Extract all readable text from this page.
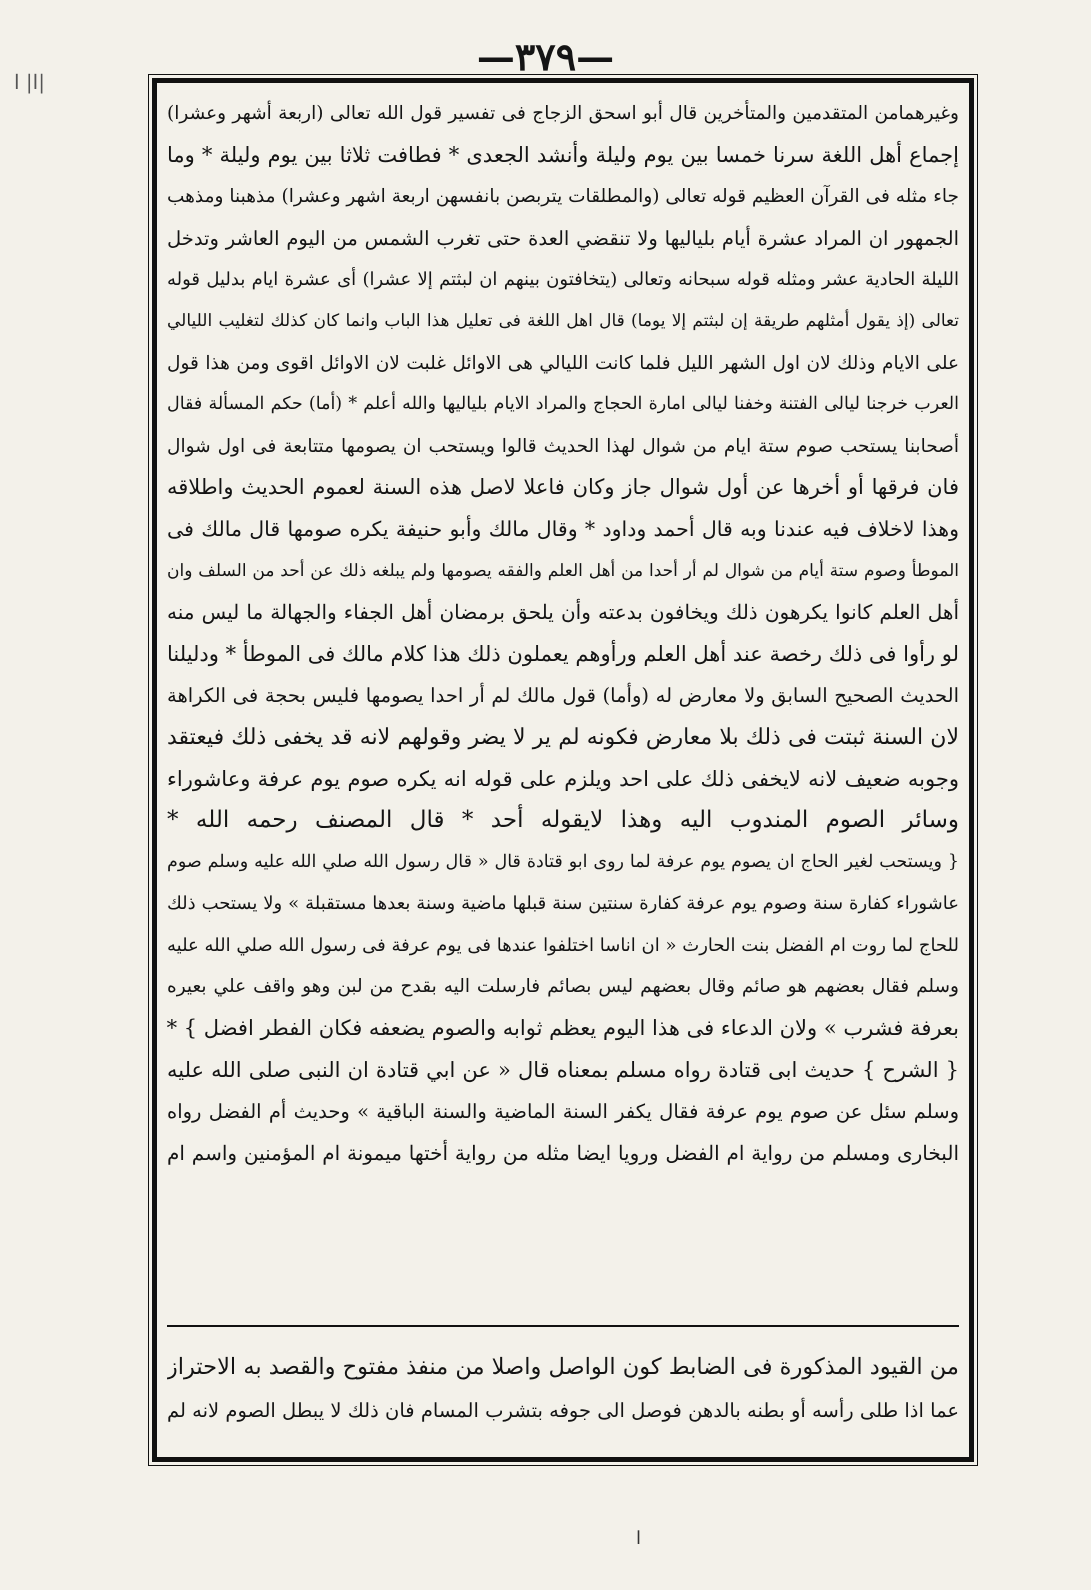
ا| ا|
—٣٧٩—
وغيرهمامن المتقدمين والمتأخرين قال أبو اسحق الزجاج فى تفسير قول الله تعالى (اربعة أشهر وعشرا)
إجماع أهل اللغة سرنا خمسا بين يوم وليلة وأنشد الجعدى * فطافت ثلاثا بين يوم وليلة * وما
جاء مثله فى القرآن العظيم قوله تعالى (والمطلقات يتربصن بانفسهن اربعة اشهر وعشرا) مذهبنا ومذهب
الجمهور ان المراد عشرة أيام بلياليها ولا تنقضي العدة حتى تغرب الشمس من اليوم العاشر وتدخل
الليلة الحادية عشر ومثله قوله سبحانه وتعالى (يتخافتون بينهم ان لبثتم إلا عشرا) أى عشرة ايام بدليل قوله
تعالى (إذ يقول أمثلهم طريقة إن لبثتم إلا يوما) قال اهل اللغة فى تعليل هذا الباب وانما كان كذلك لتغليب الليالي
على الايام وذلك لان اول الشهر الليل فلما كانت الليالي هى الاوائل غلبت لان الاوائل اقوى ومن هذا قول
العرب خرجنا ليالى الفتنة وخفنا ليالى امارة الحجاج والمراد الايام بلياليها والله أعلم * (أما) حكم المسألة فقال
أصحابنا يستحب صوم ستة ايام من شوال لهذا الحديث قالوا ويستحب ان يصومها متتابعة فى اول شوال
فان فرقها أو أخرها عن أول شوال جاز وكان فاعلا لاصل هذه السنة لعموم الحديث واطلاقه
وهذا لاخلاف فيه عندنا وبه قال أحمد وداود * وقال مالك وأبو حنيفة يكره صومها قال مالك فى
الموطأ وصوم ستة أيام من شوال لم أر أحدا من أهل العلم والفقه يصومها ولم يبلغه ذلك عن أحد من السلف وان
أهل العلم كانوا يكرهون ذلك ويخافون بدعته وأن يلحق برمضان أهل الجفاء والجهالة ما ليس منه
لو رأوا فى ذلك رخصة عند أهل العلم ورأوهم يعملون ذلك هذا كلام مالك فى الموطأ * ودليلنا
الحديث الصحيح السابق ولا معارض له (وأما) قول مالك لم أر احدا يصومها فليس بحجة فى الكراهة
لان السنة ثبتت فى ذلك بلا معارض فكونه لم ير لا يضر وقولهم لانه قد يخفى ذلك فيعتقد
وجوبه ضعيف لانه لايخفى ذلك على احد ويلزم على قوله انه يكره صوم يوم عرفة وعاشوراء
وسائر الصوم المندوب اليه وهذا لايقوله أحد * قال المصنف رحمه الله *
{ ويستحب لغير الحاج ان يصوم يوم عرفة لما روى ابو قتادة قال « قال رسول الله صلي الله عليه وسلم صوم
عاشوراء كفارة سنة وصوم يوم عرفة كفارة سنتين سنة قبلها ماضية وسنة بعدها مستقبلة » ولا يستحب ذلك
للحاج لما روت ام الفضل بنت الحارث « ان اناسا اختلفوا عندها فى يوم عرفة فى رسول الله صلي الله عليه
وسلم فقال بعضهم هو صائم وقال بعضهم ليس بصائم فارسلت اليه بقدح من لبن وهو واقف علي بعيره
بعرفة فشرب » ولان الدعاء فى هذا اليوم يعظم ثوابه والصوم يضعفه فكان الفطر افضل } *
{ الشرح } حديث ابى قتادة رواه مسلم بمعناه قال « عن ابي قتادة ان النبى صلى الله عليه
وسلم سئل عن صوم يوم عرفة فقال يكفر السنة الماضية والسنة الباقية » وحديث أم الفضل رواه
البخارى ومسلم من رواية ام الفضل ورويا ايضا مثله من رواية أختها ميمونة ام المؤمنين واسم ام
من القيود المذكورة فى الضابط كون الواصل واصلا من منفذ مفتوح والقصد به الاحتراز
عما اذا طلى رأسه أو بطنه بالدهن فوصل الى جوفه بتشرب المسام فان ذلك لا يبطل الصوم لانه لم
ا
